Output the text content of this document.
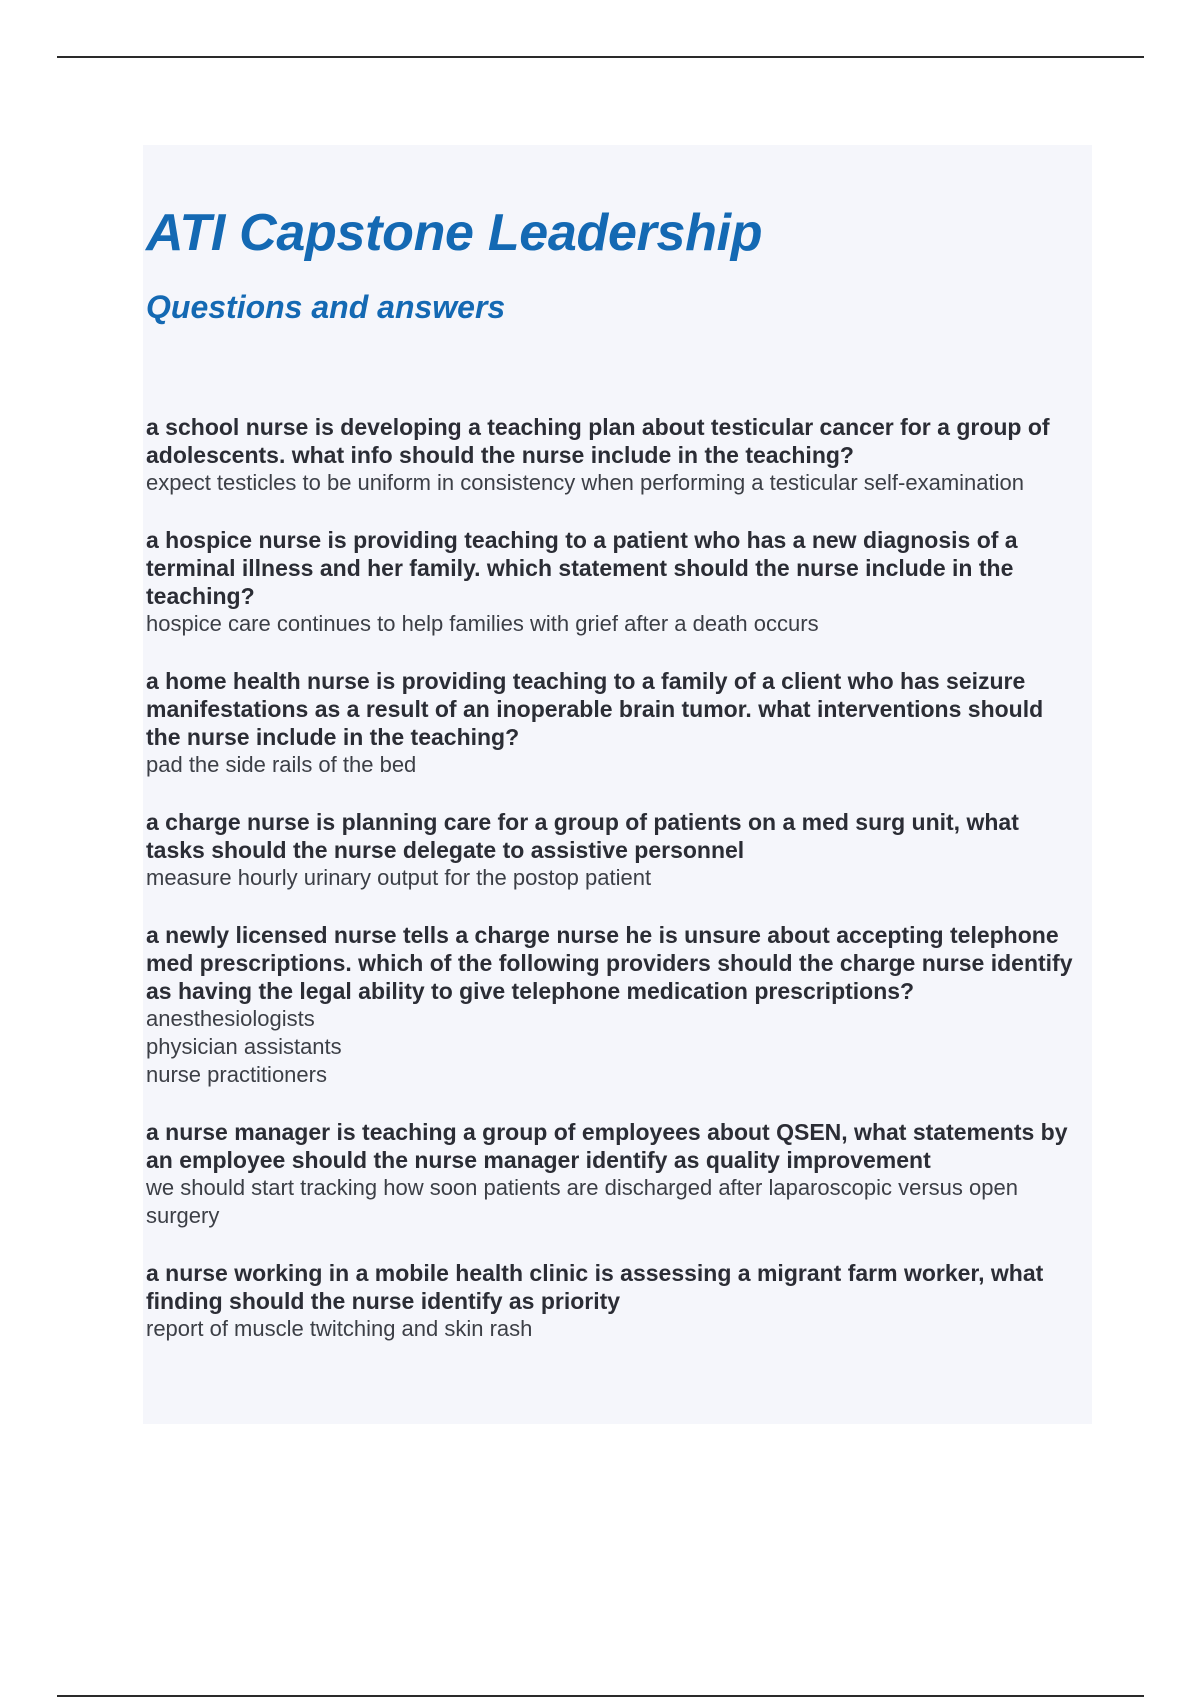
ATI Capstone Leadership
Questions and answers
a school nurse is developing a teaching plan about testicular cancer for a group of adolescents. what info should the nurse include in the teaching?
expect testicles to be uniform in consistency when performing a testicular self-examination
a hospice nurse is providing teaching to a patient who has a new diagnosis of a terminal illness and her family. which statement should the nurse include in the teaching?
hospice care continues to help families with grief after a death occurs
a home health nurse is providing teaching to a family of a client who has seizure manifestations as a result of an inoperable brain tumor. what interventions should the nurse include in the teaching?
pad the side rails of the bed
a charge nurse is planning care for a group of patients on a med surg unit, what tasks should the nurse delegate to assistive personnel
measure hourly urinary output for the postop patient
a newly licensed nurse tells a charge nurse he is unsure about accepting telephone med prescriptions. which of the following providers should the charge nurse identify as having the legal ability to give telephone medication prescriptions?
anesthesiologists
physician assistants
nurse practitioners
a nurse manager is teaching a group of employees about QSEN, what statements by an employee should the nurse manager identify as quality improvement
we should start tracking how soon patients are discharged after laparoscopic versus open surgery
a nurse working in a mobile health clinic is assessing a migrant farm worker, what finding should the nurse identify as priority
report of muscle twitching and skin rash
